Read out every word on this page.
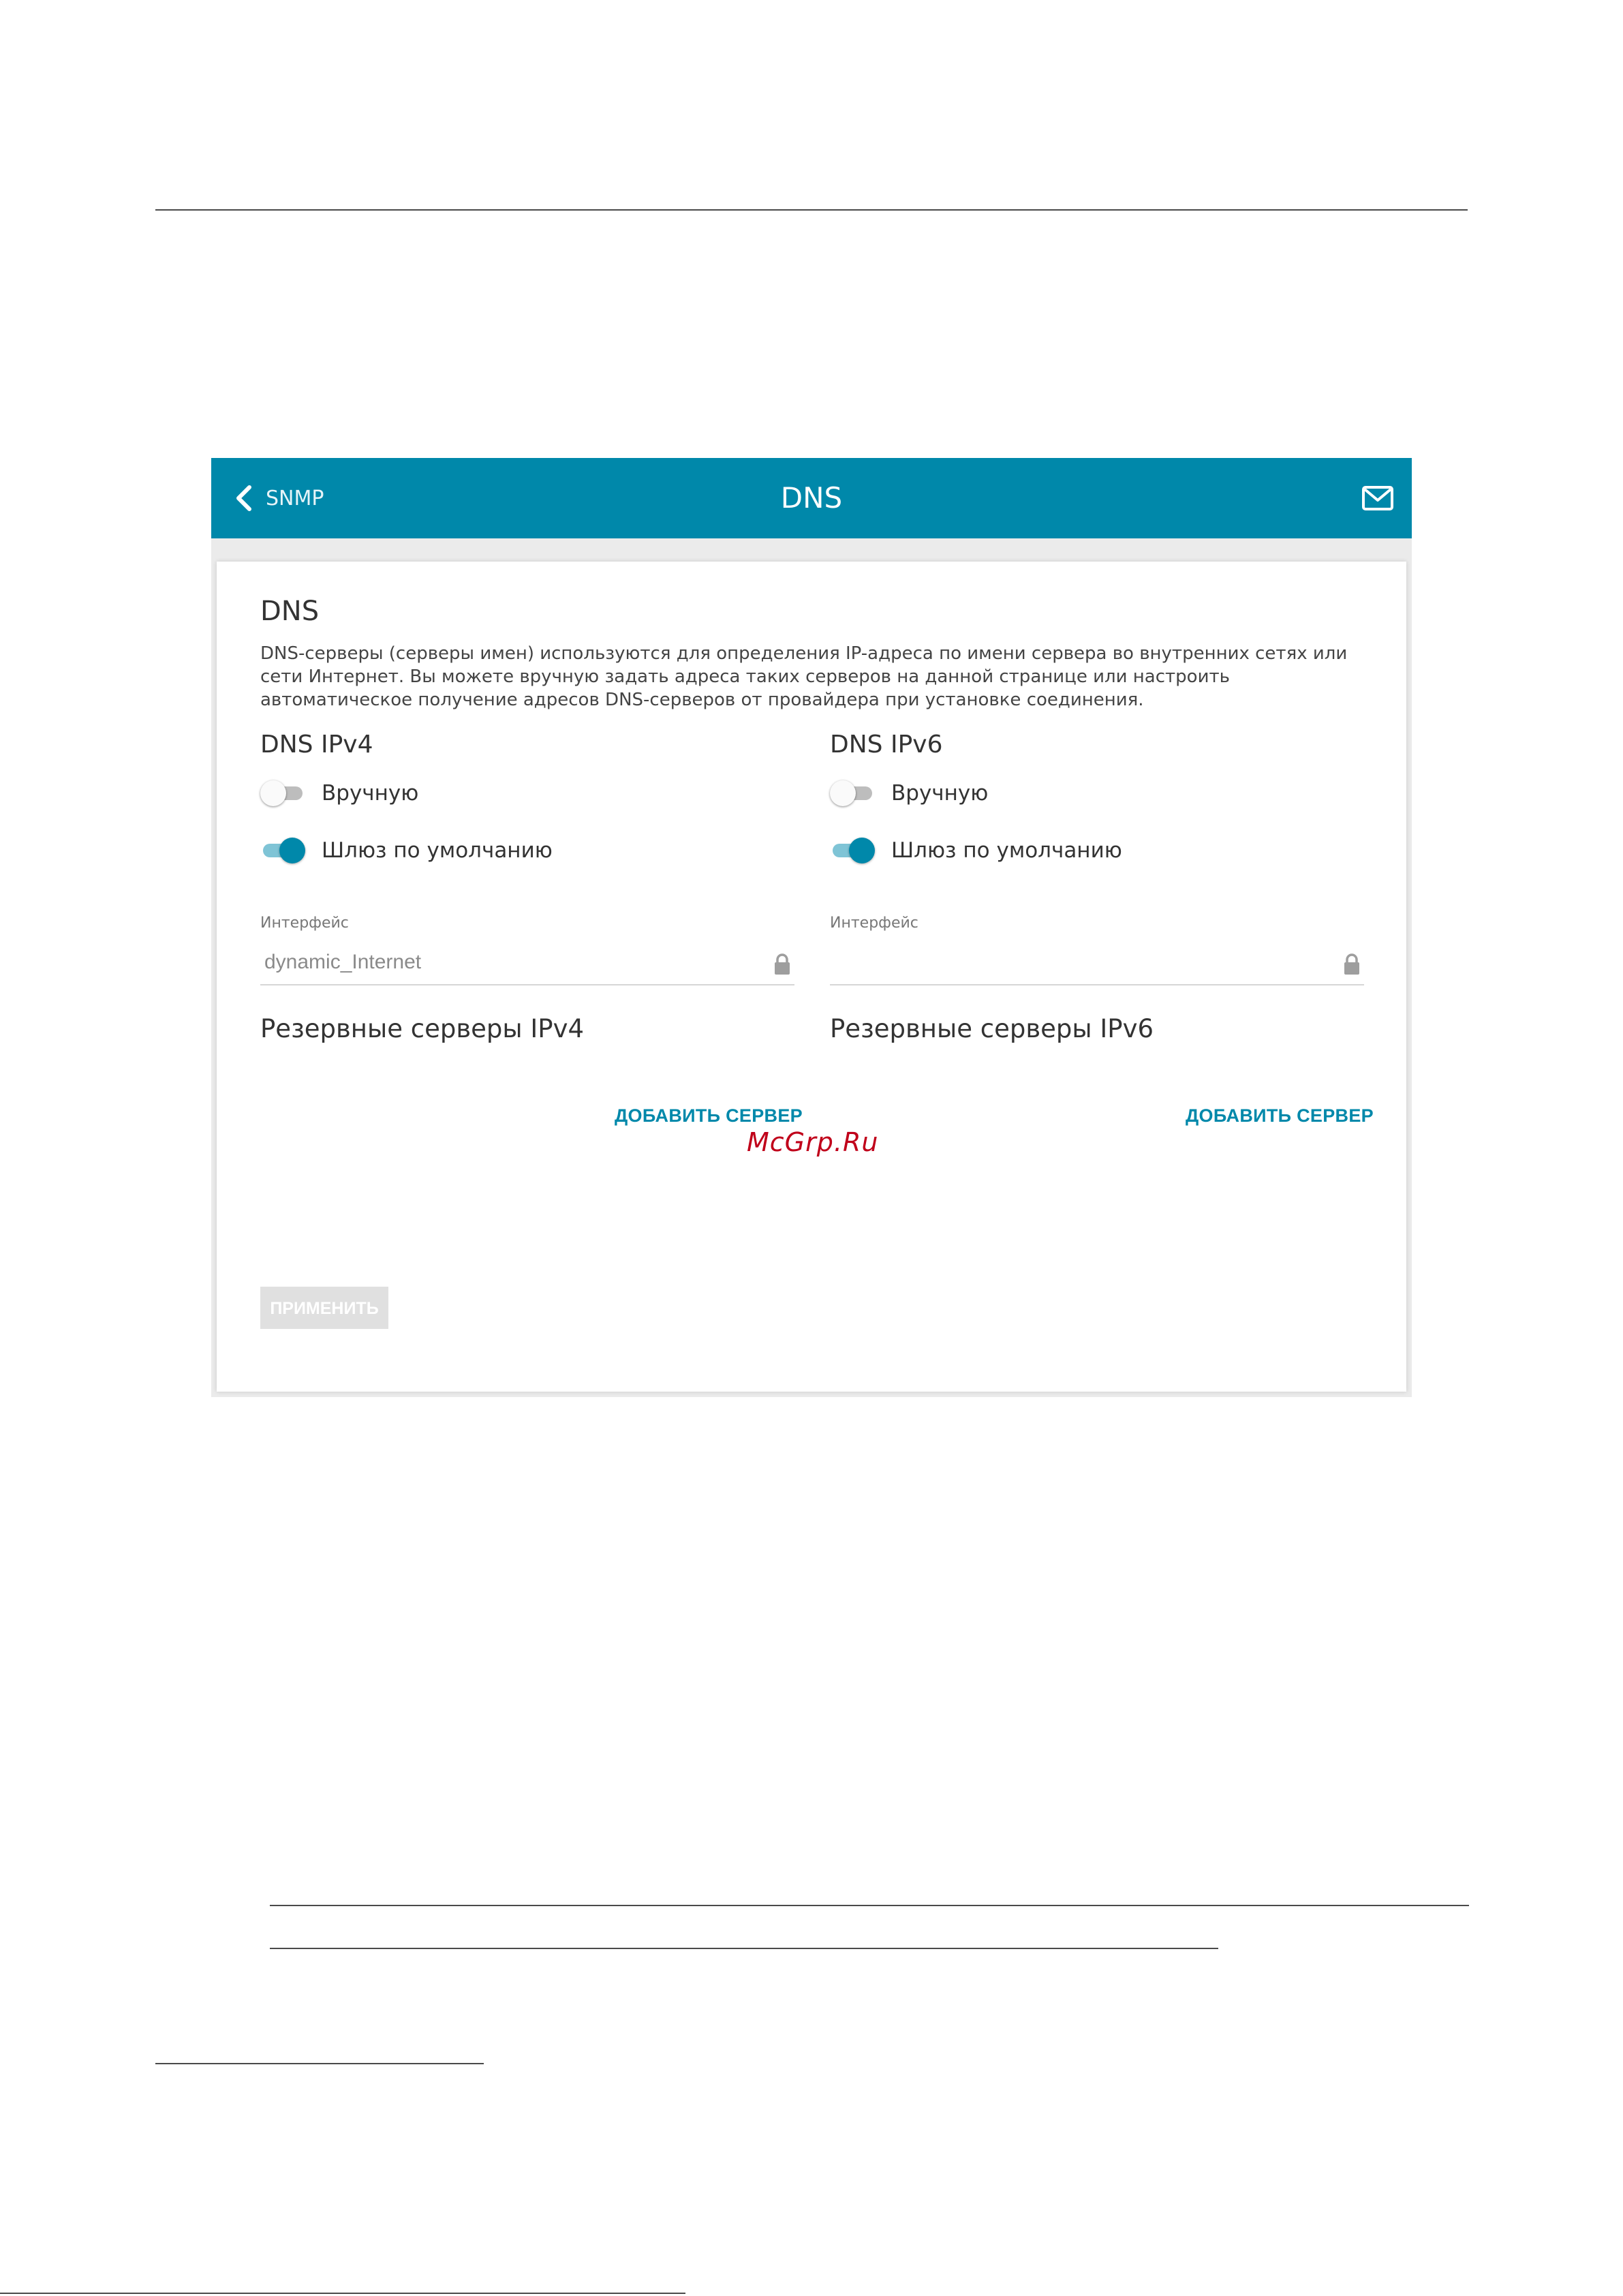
DNS
SNMP
DNS
DNS-серверы (серверы имен) используются для определения IP-адреса по имени сервера во внутренних сетях или сети Интернет. Вы можете вручную задать адреса таких серверов на данной странице или настроить автоматическое получение адресов DNS-серверов от провайдера при установке соединения.
DNS IPv4
Вручную
Шлюз по умолчанию
Интерфейс
dynamic_Internet
Резервные серверы IPv4
ДОБАВИТЬ СЕРВЕР
DNS IPv6
Вручную
Шлюз по умолчанию
Интерфейс
Резервные серверы IPv6
ДОБАВИТЬ СЕРВЕР
ПРИМЕНИТЬ
McGrp.Ru
